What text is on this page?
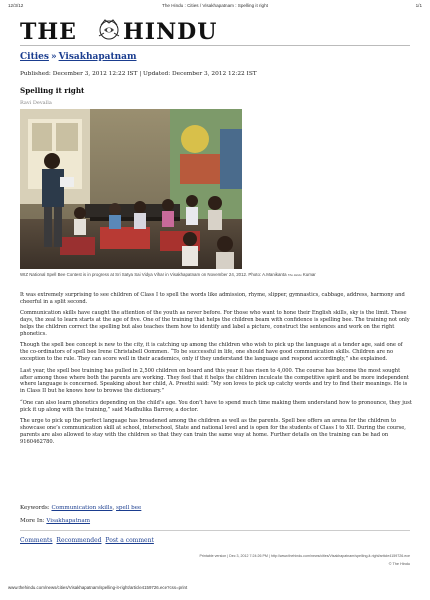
12/3/12	The Hindu : Cities / Visakhapatnam : Spelling it right	1/1
THE HINDU
Cities » Visakhapatnam
Published: December 3, 2012 12:22 IST | Updated: December 3, 2012 12:22 IST
Spelling it right
Ravi Devalla
WIZ National Spell Bee Contest is in progress at Sri Satya Sai Vidya Vihar in Visakhapatnam on November 24, 2012. Photo: A.Manikanta The Hindu Kumar

It was extremely surprising to see children of Class I to spell the words like admission, rhyme, slipper, gymnastics, cabbage, address, harmony and cheerful in a split second.

Communication skills have caught the attention of the youth as never before. For those who want to hone their English skills, sky is the limit. These days, the zeal to learn starts at the age of five. One of the training that helps the children beam with confidence is spelling bee. The training not only helps the children correct the spelling but also teaches them how to identify and label a picture, construct the sentences and work on the right phonetics.

Though the spell bee concept is new to the city, it is catching up among the children who wish to pick up the language at a tender age, said one of the co-ordinators of spell bee Irene Christabell Oommen. “To be successful in life, one should have good communication skills. Children are no exception to the rule. They can score well in their academics, only if they understand the language and respond accordingly,” she explained.

Last year, the spell bee training has pulled in 2,500 children on board and this year it has risen to 4,000. The course has become the most sought after among those where both the parents are working. They feel that it helps the children inculcate the competitive spirit and be more independent where language is concerned. Speaking about her child, A. Preethi said: “My son loves to pick up catchy words and try to find their meanings. He is in Class II but he knows how to browse the dictionary.”

“One can also learn phonetics depending on the child’s age. You don’t have to spend much time making them understand how to pronounce, they just pick it up along with the training,” said Madhulika Barrow, a doctor.

The urge to pick up the perfect language has broadened among the children as well as the parents. Spell bee offers an arena for the children to showcase one’s communication skill at school, interschool, State and national level and is open for the students of Class I to XII. During the course, parents are also allowed to stay with the children so that they can train the same way at home. Further details on the training can be had on 9160462780.

Keywords: Communication skills, spell bee
More In: Visakhapatnam
Comments Recommended Post a comment
Printable version | Dec 3, 2012 7:24:26 PM | http://www.thehindu.com/news/cities/Visakhapatnam/spelling-it-right/article4159726.ece
© The Hindu
www.thehindu.com/news/cities/Visakhapatnam/spelling-it-right/article4159726.ece?css=print
